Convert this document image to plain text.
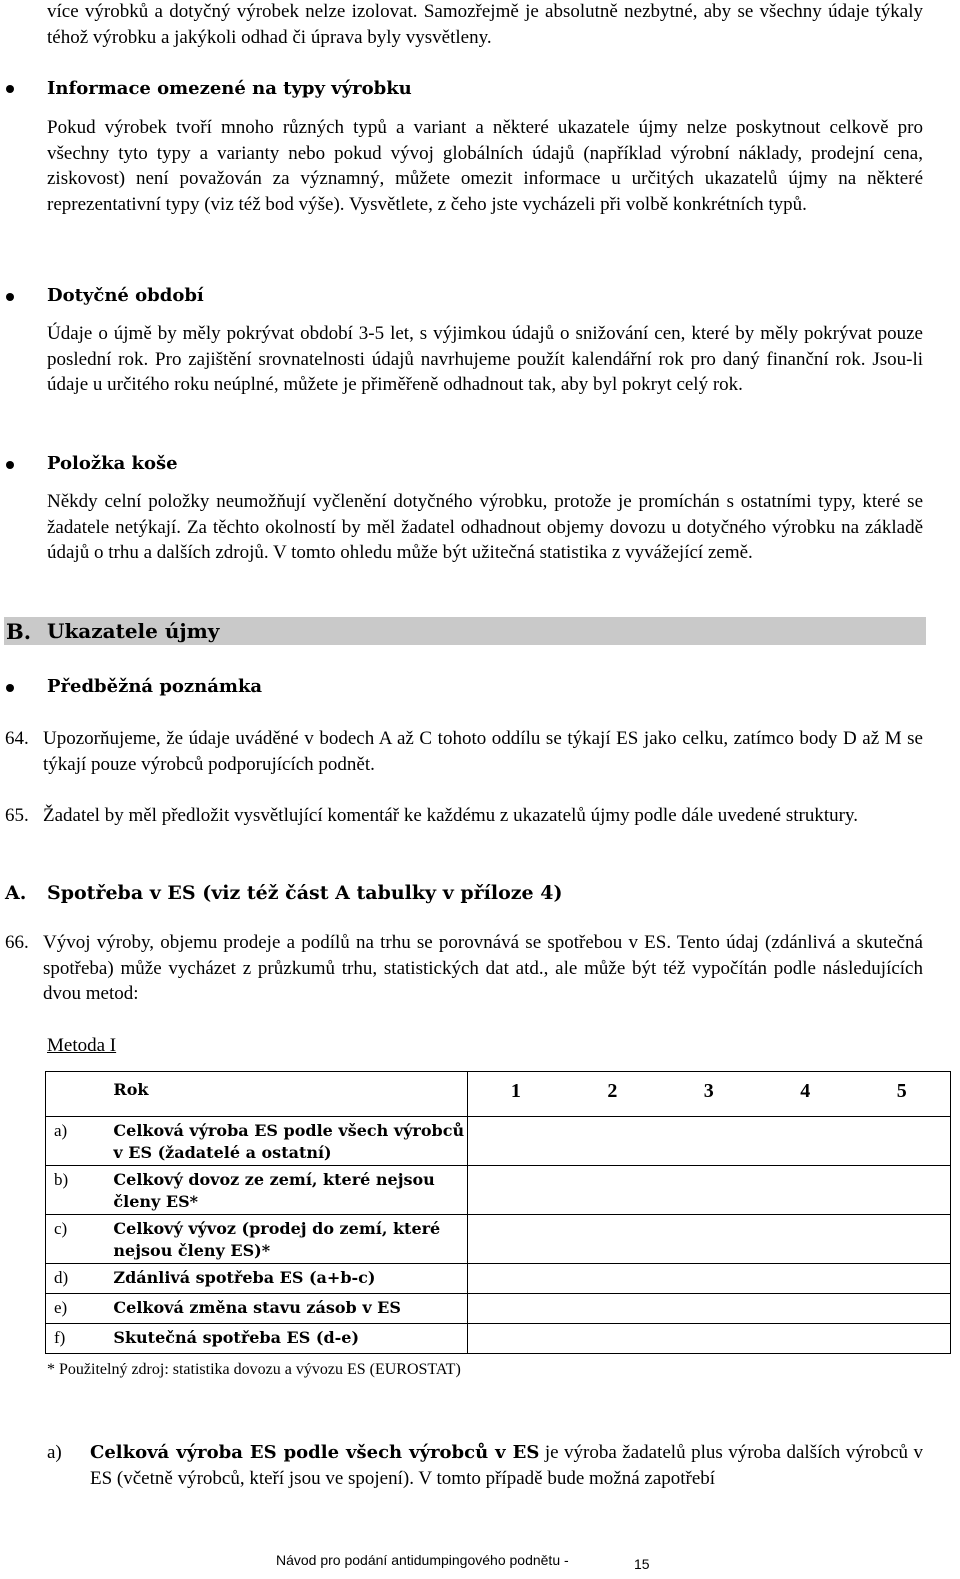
více výrobků a dotyčný výrobek nelze izolovat. Samozřejmě je absolutně nezbytné, aby se všechny údaje týkaly téhož výrobku a jakýkoli odhad či úprava byly vysvětleny.
Informace omezené na typy výrobku
Pokud výrobek tvoří mnoho různých typů a variant a některé ukazatele újmy nelze poskytnout celkově pro všechny tyto typy a varianty nebo pokud vývoj globálních údajů (například výrobní náklady, prodejní cena, ziskovost) není považován za významný, můžete omezit informace u určitých ukazatelů újmy na některé reprezentativní typy (viz též bod výše). Vysvětlete, z čeho jste vycházeli při volbě konkrétních typů.
Dotyčné období
Údaje o újmě by měly pokrývat období 3-5 let, s výjimkou údajů o snižování cen, které by měly pokrývat pouze poslední rok. Pro zajištění srovnatelnosti údajů navrhujeme použít kalendářní rok pro daný finanční rok. Jsou-li údaje u určitého roku neúplné, můžete je přiměřeně odhadnout tak, aby byl pokryt celý rok.
Položka koše
Někdy celní položky neumožňují vyčlenění dotyčného výrobku, protože je promíchán s ostatními typy, které se žadatele netýkají. Za těchto okolností by měl žadatel odhadnout objemy dovozu u dotyčného výrobku na základě údajů o trhu a dalších zdrojů. V tomto ohledu může být užitečná statistika z vyvážející země.
B. Ukazatele újmy
Předběžná poznámka
64. Upozorňujeme, že údaje uváděné v bodech A až C tohoto oddílu se týkají ES jako celku, zatímco body D až M se týkají pouze výrobců podporujících podnět.
65. Žadatel by měl předložit vysvětlující komentář ke každému z ukazatelů újmy podle dále uvedené struktury.
A. Spotřeba v ES (viz též část A tabulky v příloze 4)
66. Vývoj výroby, objemu prodeje a podílů na trhu se porovnává se spotřebou v ES. Tento údaj (zdánlivá a skutečná spotřeba) může vycházet z průzkumů trhu, statistických dat atd., ale může být též vypočítán podle následujících dvou metod:
Metoda I
	Rok	1	2	3	4	5
a)	Celková výroba ES podle všech výrobců v ES (žadatelé a ostatní)					
b)	Celkový dovoz ze zemí, které nejsou členy ES*					
c)	Celkový vývoz (prodej do zemí, které nejsou členy ES)*					
d)	Zdánlivá spotřeba ES (a+b-c)					
e)	Celková změna stavu zásob v ES					
f)	Skutečná spotřeba ES (d-e)					
* Použitelný zdroj: statistika dovozu a vývozu ES (EUROSTAT)
a) Celková výroba ES podle všech výrobců v ES je výroba žadatelů plus výroba dalších výrobců v ES (včetně výrobců, kteří jsou ve spojení). V tomto případě bude možná zapotřebí
Návod pro podání antidumpingového podnětu -	15
